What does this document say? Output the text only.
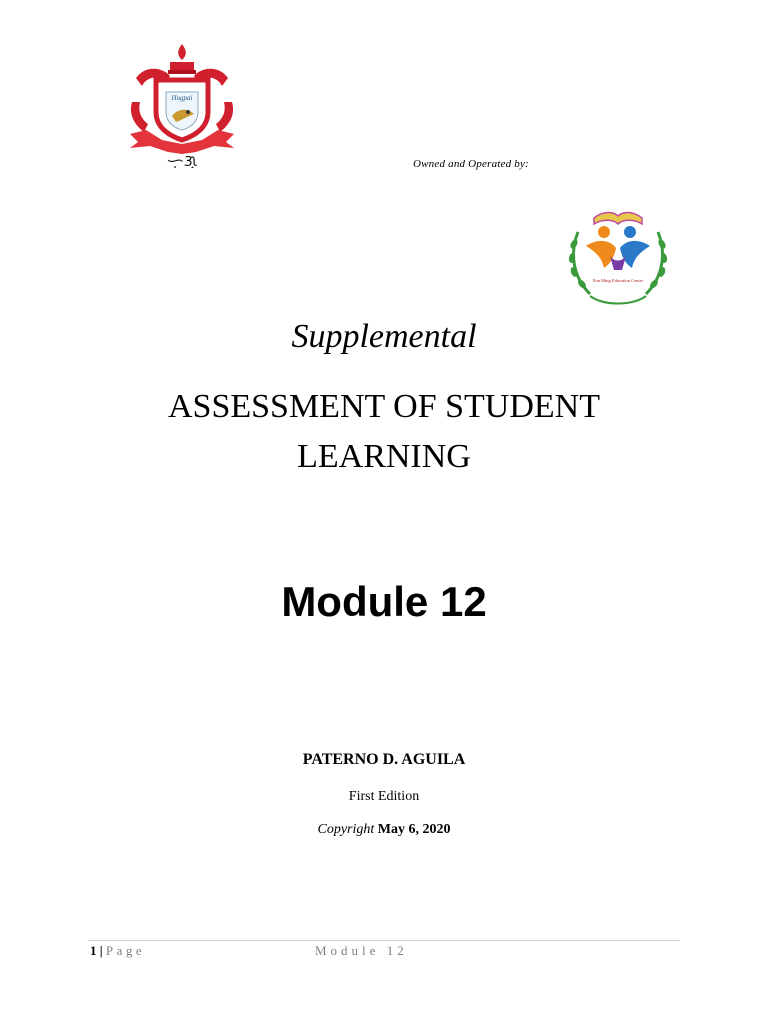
Hugpai
ᜑᜓᜄ᜔	Owned and Operated by:
Fun Ming Education Center
Supplemental
ASSESSMENT OF STUDENT
LEARNING
Module 12
PATERNO D. AGUILA
First Edition
Copyright May 6, 2020
1 | Page	Module 12
